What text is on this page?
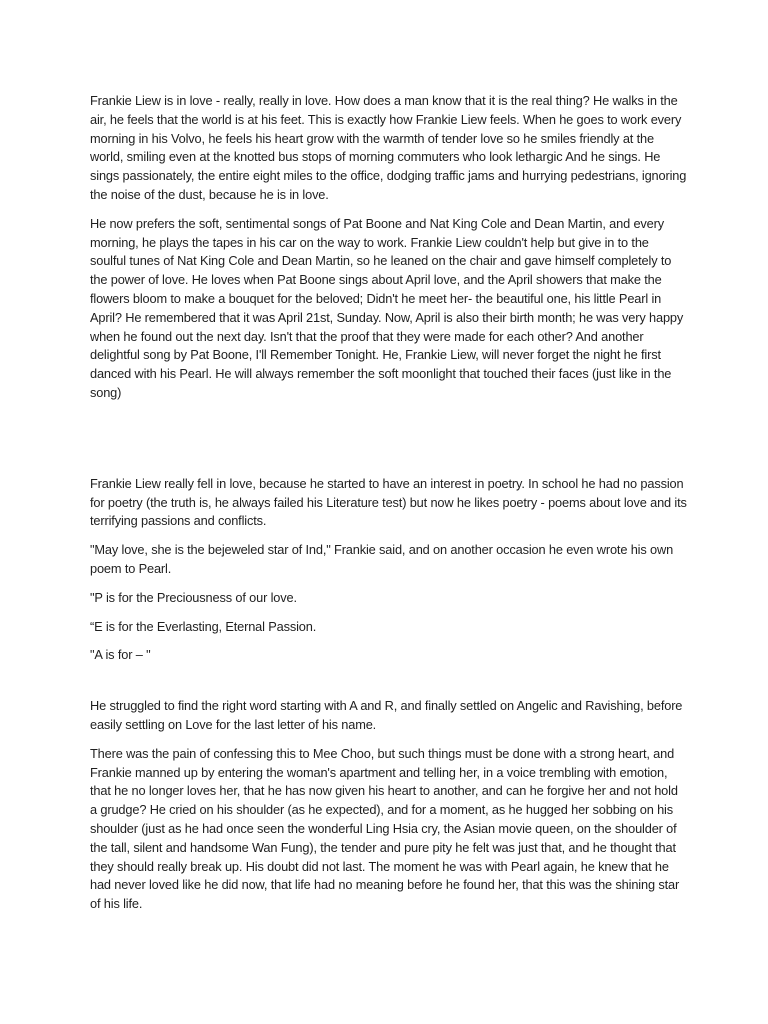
Frankie Liew is in love - really, really in love. How does a man know that it is the real thing? He walks in the air, he feels that the world is at his feet. This is exactly how Frankie Liew feels. When he goes to work every morning in his Volvo, he feels his heart grow with the warmth of tender love so he smiles friendly at the world, smiling even at the knotted bus stops of morning commuters who look lethargic And he sings. He sings passionately, the entire eight miles to the office, dodging traffic jams and hurrying pedestrians, ignoring the noise of the dust, because he is in love.

He now prefers the soft, sentimental songs of Pat Boone and Nat King Cole and Dean Martin, and every morning, he plays the tapes in his car on the way to work. Frankie Liew couldn't help but give in to the soulful tunes of Nat King Cole and Dean Martin, so he leaned on the chair and gave himself completely to the power of love. He loves when Pat Boone sings about April love, and the April showers that make the flowers bloom to make a bouquet for the beloved; Didn't he meet her- the beautiful one, his little Pearl in April? He remembered that it was April 21st, Sunday. Now, April is also their birth month; he was very happy when he found out the next day. Isn't that the proof that they were made for each other? And another delightful song by Pat Boone, I'll Remember Tonight. He, Frankie Liew, will never forget the night he first danced with his Pearl. He will always remember the soft moonlight that touched their faces (just like in the song)

Frankie Liew really fell in love, because he started to have an interest in poetry. In school he had no passion for poetry (the truth is, he always failed his Literature test) but now he likes poetry - poems about love and its terrifying passions and conflicts.

"May love, she is the bejeweled star of Ind," Frankie said, and on another occasion he even wrote his own poem to Pearl.

"P is for the Preciousness of our love.

“E is for the Everlasting, Eternal Passion.

"A is for – "

He struggled to find the right word starting with A and R, and finally settled on Angelic and Ravishing, before easily settling on Love for the last letter of his name.

There was the pain of confessing this to Mee Choo, but such things must be done with a strong heart, and Frankie manned up by entering the woman's apartment and telling her, in a voice trembling with emotion, that he no longer loves her, that he has now given his heart to another, and can he forgive her and not hold a grudge? He cried on his shoulder (as he expected), and for a moment, as he hugged her sobbing on his shoulder (just as he had once seen the wonderful Ling Hsia cry, the Asian movie queen, on the shoulder of the tall, silent and handsome Wan Fung), the tender and pure pity he felt was just that, and he thought that they should really break up. His doubt did not last. The moment he was with Pearl again, he knew that he had never loved like he did now, that life had no meaning before he found her, that this was the shining star of his life.
